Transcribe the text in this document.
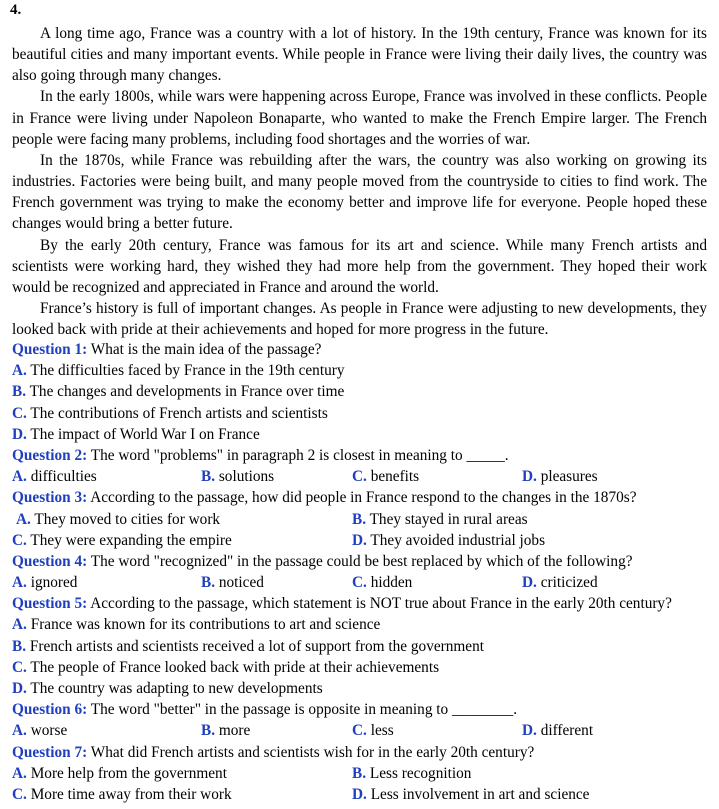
4.

A long time ago, France was a country with a lot of history. In the 19th century, France was known for its beautiful cities and many important events. While people in France were living their daily lives, the country was also going through many changes.

In the early 1800s, while wars were happening across Europe, France was involved in these conflicts. People in France were living under Napoleon Bonaparte, who wanted to make the French Empire larger. The French people were facing many problems, including food shortages and the worries of war.

In the 1870s, while France was rebuilding after the wars, the country was also working on growing its industries. Factories were being built, and many people moved from the countryside to cities to find work. The French government was trying to make the economy better and improve life for everyone. People hoped these changes would bring a better future.

By the early 20th century, France was famous for its art and science. While many French artists and scientists were working hard, they wished they had more help from the government. They hoped their work would be recognized and appreciated in France and around the world.

France’s history is full of important changes. As people in France were adjusting to new developments, they looked back with pride at their achievements and hoped for more progress in the future.

Question 1: What is the main idea of the passage?
A. The difficulties faced by France in the 19th century
B. The changes and developments in France over time
C. The contributions of French artists and scientists
D. The impact of World War I on France
Question 2: The word "problems" in paragraph 2 is closest in meaning to _____.
A. difficulties	B. solutions	C. benefits	D. pleasures
Question 3: According to the passage, how did people in France respond to the changes in the 1870s?
A. They moved to cities for work	B. They stayed in rural areas
C. They were expanding the empire	D. They avoided industrial jobs
Question 4: The word "recognized" in the passage could be best replaced by which of the following?
A. ignored	B. noticed	C. hidden	D. criticized
Question 5: According to the passage, which statement is NOT true about France in the early 20th century?
A. France was known for its contributions to art and science
B. French artists and scientists received a lot of support from the government
C. The people of France looked back with pride at their achievements
D. The country was adapting to new developments
Question 6: The word "better" in the passage is opposite in meaning to ________.
A. worse	B. more	C. less	D. different
Question 7: What did French artists and scientists wish for in the early 20th century?
A. More help from the government	B. Less recognition
C. More time away from their work	D. Less involvement in art and science
